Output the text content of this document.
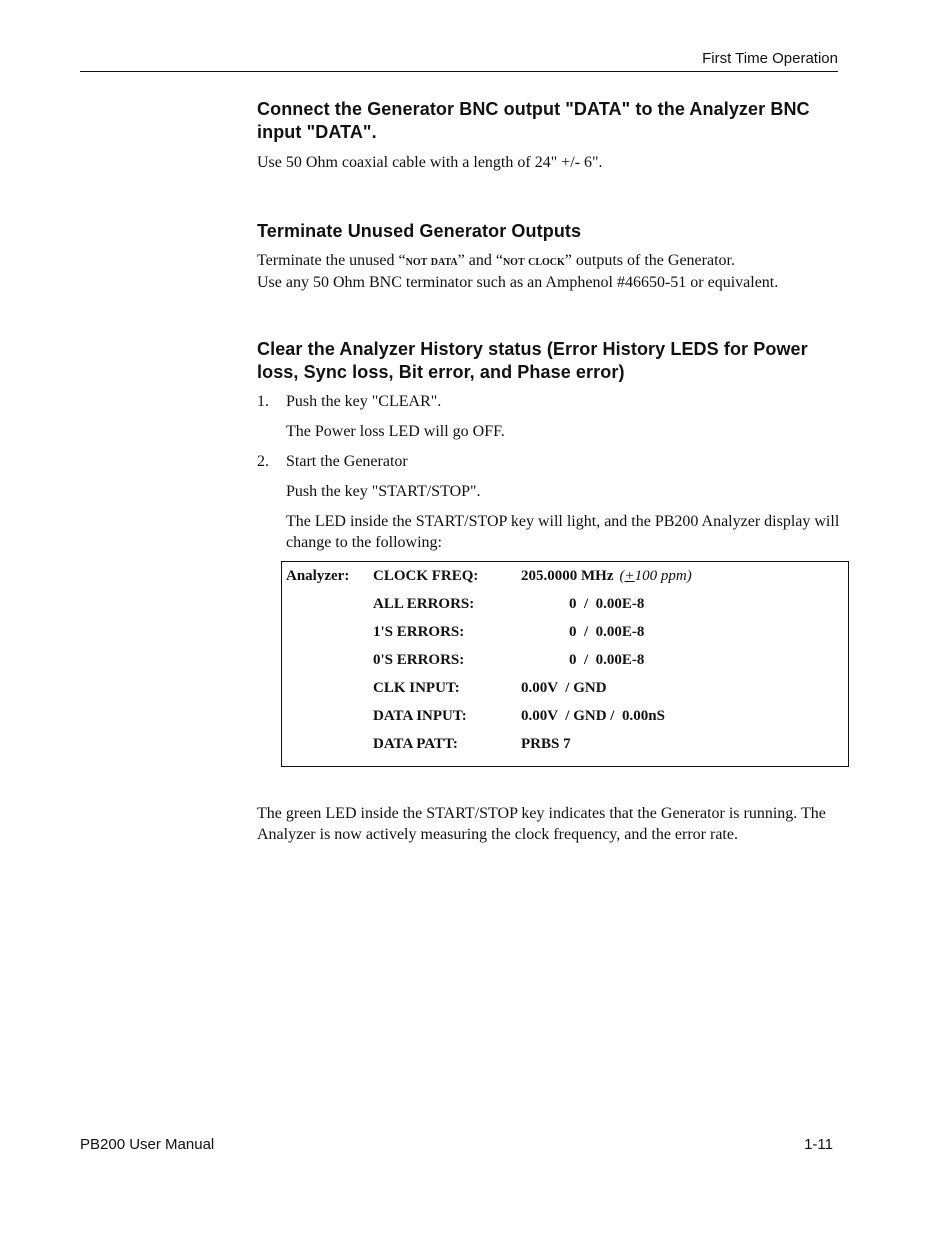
First Time Operation
Connect the Generator BNC output "DATA" to the Analyzer BNC input "DATA".

Use 50 Ohm coaxial cable with a length of 24" +/- 6".

Terminate Unused Generator Outputs

Terminate the unused “not data” and “not clock” outputs of the Generator.

Use any 50 Ohm BNC terminator such as an Amphenol #46650-51 or equivalent.

Clear the Analyzer History status (Error History LEDS for Power loss, Sync loss, Bit error, and Phase error)
1. Push the key "CLEAR".
The Power loss LED will go OFF.
2. Start the Generator
Push the key "START/STOP".
The LED inside the START/STOP key will light, and the PB200 Analyzer display will change to the following:
Analyzer:	CLOCK FREQ:	205.0000 MHz (+100 ppm)
ALL ERRORS:	0  /  0.00E-8
1'S ERRORS:	0  /  0.00E-8
0'S ERRORS:	0  /  0.00E-8
CLK INPUT:	0.00V  / GND
DATA INPUT:	0.00V  / GND /  0.00nS
DATA PATT:	PRBS 7

The green LED inside the START/STOP key indicates that the Generator is running. The Analyzer is now actively measuring the clock frequency, and the error rate.

PB200 User Manual	1-11
